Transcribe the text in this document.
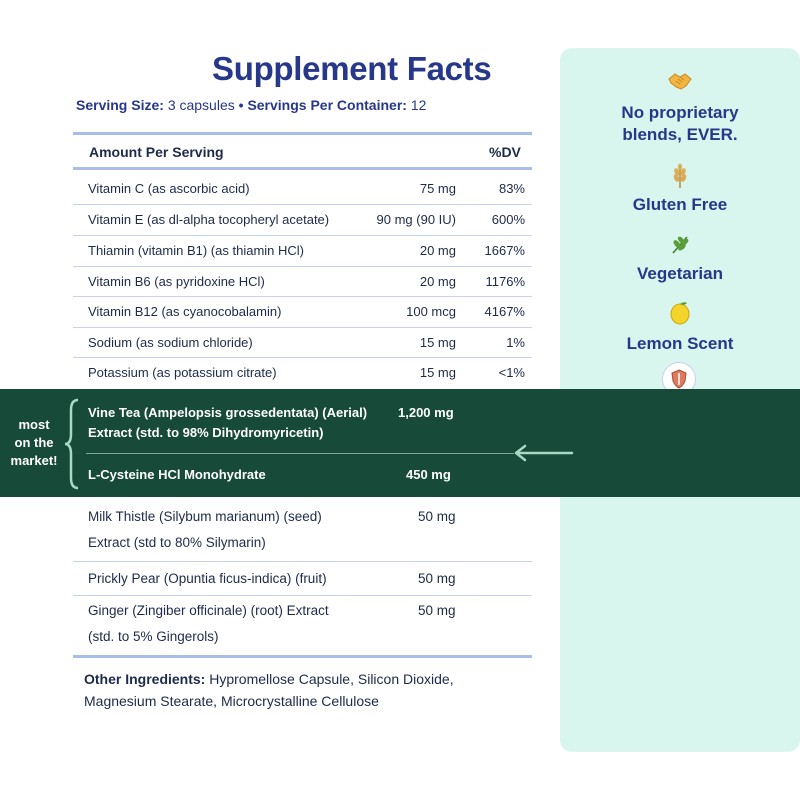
Supplement Facts
Serving Size: 3 capsules • Servings Per Container: 12
Amount Per Serving	%DV
Vitamin C (as ascorbic acid)	75 mg	83%
Vitamin E (as dl-alpha tocopheryl acetate)	90 mg (90 IU)	600%
Thiamin (vitamin B1) (as thiamin HCl)	20 mg 1667%
Vitamin B6 (as pyridoxine HCl)	20 mg 1176%
Vitamin B12 (as cyanocobalamin)	100 mcg 4167%
Sodium (as sodium chloride)	15 mg	1%
Potassium (as potassium citrate)	15 mg	<1%
No proprietary
blends, EVER.
Gluten Free
Vegetarian
Lemon Scent
most
on the
market!
Vine Tea (Ampelopsis grossedentata) (Aerial)
Extract (std. to 98% Dihydromyricetin)
1,200 mg
L-Cysteine HCl Monohydrate	450 mg
Milk Thistle (Silybum marianum) (seed)
Extract (std to 80% Silymarin)
50 mg
Prickly Pear (Opuntia ficus-indica) (fruit)	50 mg
Ginger (Zingiber officinale) (root) Extract
(std. to 5% Gingerols)
50 mg
Other Ingredients: Hypromellose Capsule, Silicon Dioxide,
Magnesium Stearate, Microcrystalline Cellulose
